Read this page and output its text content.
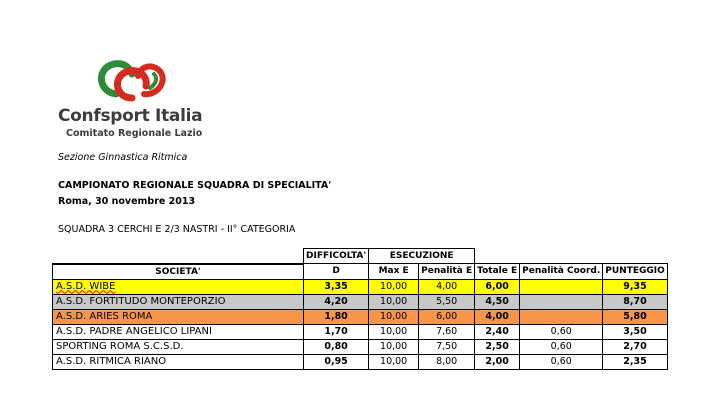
Confsport Italia
Comitato Regionale Lazio
Sezione Ginnastica Ritmica
CAMPIONATO REGIONALE SQUADRA DI SPECIALITA'
Roma, 30 novembre 2013
SQUADRA 3 CERCHI E 2/3 NASTRI - II° CATEGORIA
	DIFFICOLTA'	ESECUZIONE				
SOCIETA'	D	Max E	Penalità E	Totale E	Penalità Coord.	PUNTEGGIO
A.S.D. WIBE	3,35	10,00	4,00	6,00		9,35
A.S.D. FORTITUDO MONTEPORZIO	4,20	10,00	5,50	4,50		8,70
A.S.D. ARIES ROMA	1,80	10,00	6,00	4,00		5,80
A.S.D. PADRE ANGELICO LIPANI	1,70	10,00	7,60	2,40	0,60	3,50
SPORTING ROMA S.C.S.D.	0,80	10,00	7,50	2,50	0,60	2,70
A.S.D. RITMICA RIANO	0,95	10,00	8,00	2,00	0,60	2,35
